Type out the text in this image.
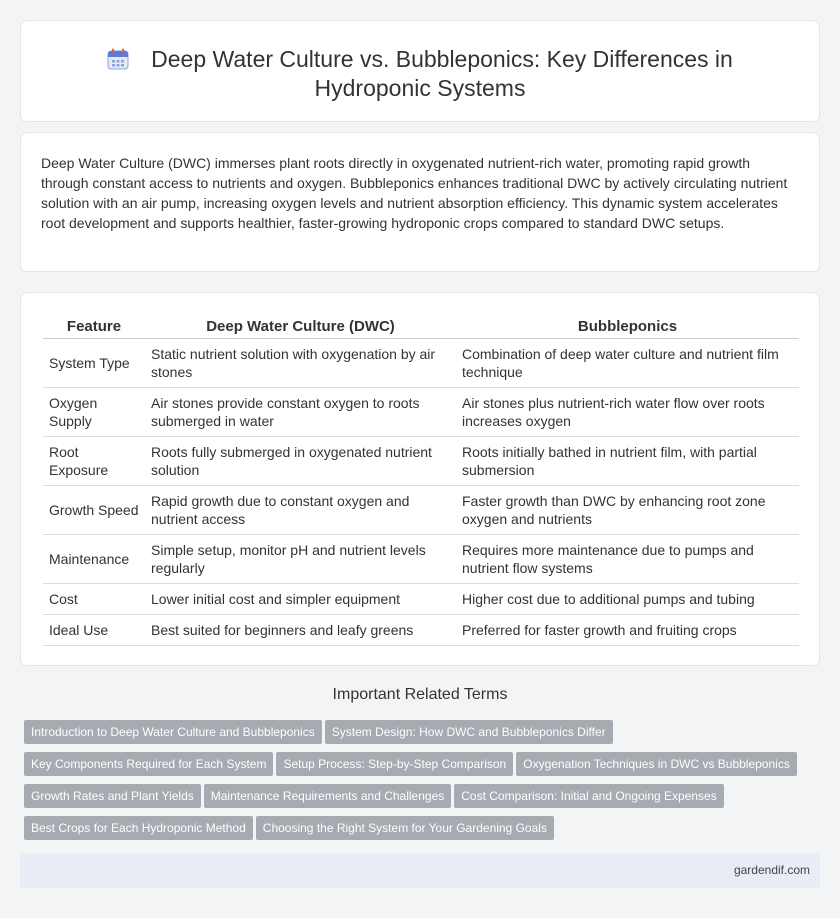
Deep Water Culture vs. Bubbleponics: Key Differences in
Hydroponic Systems

Deep Water Culture (DWC) immerses plant roots directly in oxygenated nutrient-rich water, promoting rapid growth through constant access to nutrients and oxygen. Bubbleponics enhances traditional DWC by actively circulating nutrient solution with an air pump, increasing oxygen levels and nutrient absorption efficiency. This dynamic system accelerates root development and supports healthier, faster-growing hydroponic crops compared to standard DWC setups.

Feature	Deep Water Culture (DWC)	Bubbleponics
System Type	Static nutrient solution with oxygenation by air stones	Combination of deep water culture and nutrient film technique
Oxygen Supply	Air stones provide constant oxygen to roots submerged in water	Air stones plus nutrient-rich water flow over roots increases oxygen
Root Exposure	Roots fully submerged in oxygenated nutrient solution	Roots initially bathed in nutrient film, with partial submersion
Growth Speed	Rapid growth due to constant oxygen and nutrient access	Faster growth than DWC by enhancing root zone oxygen and nutrients
Maintenance	Simple setup, monitor pH and nutrient levels regularly	Requires more maintenance due to pumps and nutrient flow systems
Cost	Lower initial cost and simpler equipment	Higher cost due to additional pumps and tubing
Ideal Use	Best suited for beginners and leafy greens	Preferred for faster growth and fruiting crops
Important Related Terms
Introduction to Deep Water Culture and Bubbleponics System Design: How DWC and Bubbleponics Differ
Key Components Required for Each System Setup Process: Step-by-Step Comparison Oxygenation Techniques in DWC vs Bubbleponics
Growth Rates and Plant Yields Maintenance Requirements and Challenges Cost Comparison: Initial and Ongoing Expenses
Best Crops for Each Hydroponic Method Choosing the Right System for Your Gardening Goals
gardendif.com
